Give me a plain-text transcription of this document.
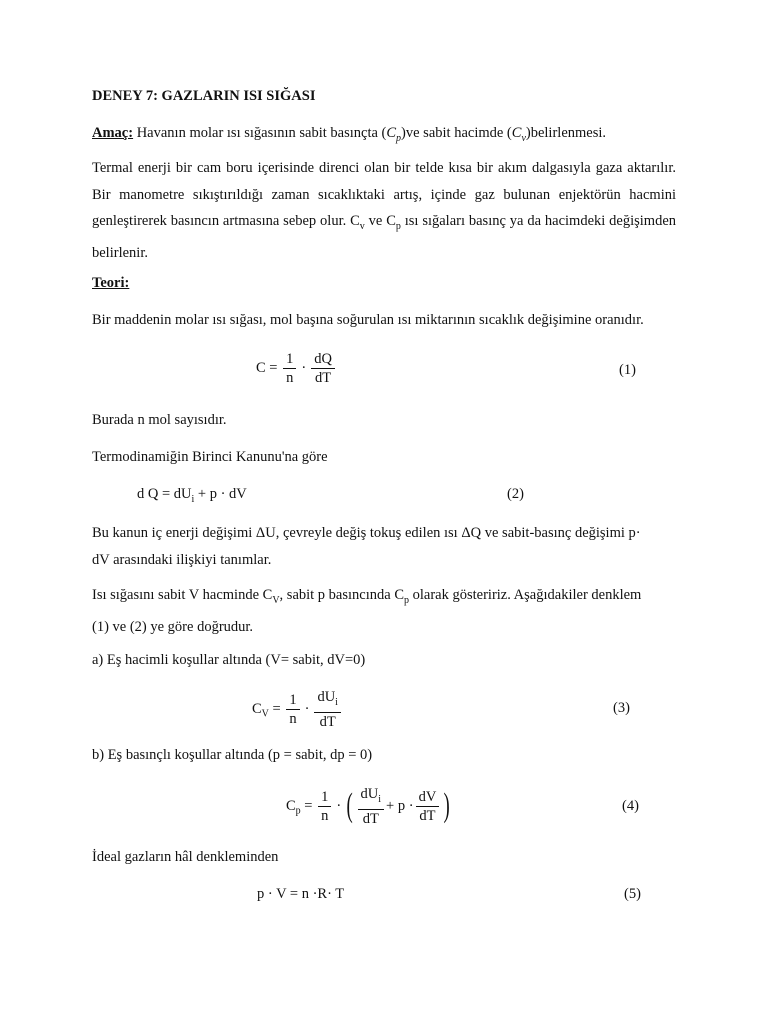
DENEY 7: GAZLARIN ISI SIĞASI

Amaç: Havanın molar ısı sığasının sabit basınçta $(C_p)ve$ sabit hacimde $(C_v)belirlenmesi$.

Termal enerji bir cam boru içerisinde direnci olan bir telde kısa bir akım dalgasıyla gaza aktarılır. Bir manometre sıkıştırıldığı zaman sıcaklıktaki artış, içinde gaz bulunan enjektörün hacmini genleştirerek basıncın artmasına sebep olur. $C_v$ ve $C_p$ ısı sığaları basınç ya da hacimdeki değişimden belirlenir.

Teori:

Bir maddenin molar ısı sığası, mol başına soğurulan ısı miktarının sıcaklık değişimine oranıdır.

$C = \frac{1}{n} \cdot \frac{dQ}{dT}$	(1)

Burada n mol sayısıdır.

Termodinamiğin Birinci Kanunu'na göre

d $Q = dU_i + p$ · dV	(2)

Bu kanun iç enerji değişimi ΔU, çevreyle değiş tokuş edilen ısı ΔQ ve sabit-basınç değişimi p·
dV arasındaki ilişkiyi tanımlar.

Isı sığasını sabit V hacminde $C_V$, sabit p basıncında $C_p$ olarak gösteririz. Aşağıdakiler denklem
(1) ve (2) ye göre doğrudur.

a) Eş hacimli koşullar altında (V= sabit, dV=0)

$C_V = \frac{1}{n} \cdot \frac{dU_i}{dT}$	(3)

b) Eş basınçlı koşullar altında (p = sabit, dp = 0)

$C_p = \frac{1}{n}$ · ( $\frac{dU_i}{dT} + p \cdot \frac{dV}{dT}$ )	(4)

İdeal gazların hâl denkleminden

p · V = n ·R· T	(5)
